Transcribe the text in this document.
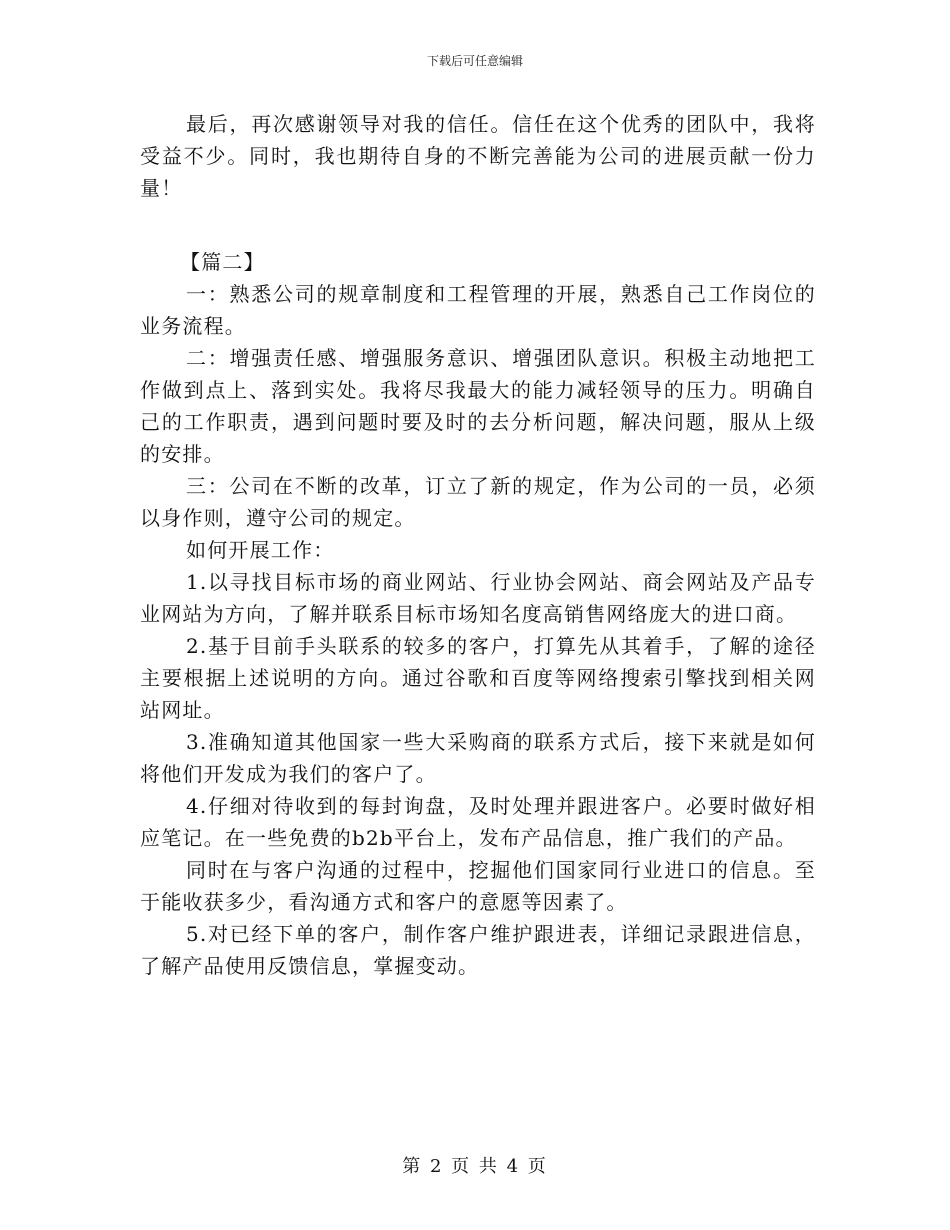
下载后可任意编辑

最后，再次感谢领导对我的信任。信任在这个优秀的团队中，我将受益不少。同时，我也期待自身的不断完善能为公司的进展贡献一份力量！

【篇二】

一：熟悉公司的规章制度和工程管理的开展，熟悉自己工作岗位的业务流程。

二：增强责任感、增强服务意识、增强团队意识。积极主动地把工作做到点上、落到实处。我将尽我最大的能力减轻领导的压力。明确自己的工作职责，遇到问题时要及时的去分析问题，解决问题，服从上级的安排。

三：公司在不断的改革，订立了新的规定，作为公司的一员，必须以身作则，遵守公司的规定。

如何开展工作：

1.以寻找目标市场的商业网站、行业协会网站、商会网站及产品专业网站为方向，了解并联系目标市场知名度高销售网络庞大的进口商。

2.基于目前手头联系的较多的客户，打算先从其着手，了解的途径主要根据上述说明的方向。通过谷歌和百度等网络搜索引擎找到相关网站网址。

3.准确知道其他国家一些大采购商的联系方式后，接下来就是如何将他们开发成为我们的客户了。

4.仔细对待收到的每封询盘，及时处理并跟进客户。必要时做好相应笔记。在一些免费的b2b平台上，发布产品信息，推广我们的产品。

同时在与客户沟通的过程中，挖掘他们国家同行业进口的信息。至于能收获多少，看沟通方式和客户的意愿等因素了。

5.对已经下单的客户，制作客户维护跟进表，详细记录跟进信息，了解产品使用反馈信息，掌握变动。

第 2 页 共 4 页
